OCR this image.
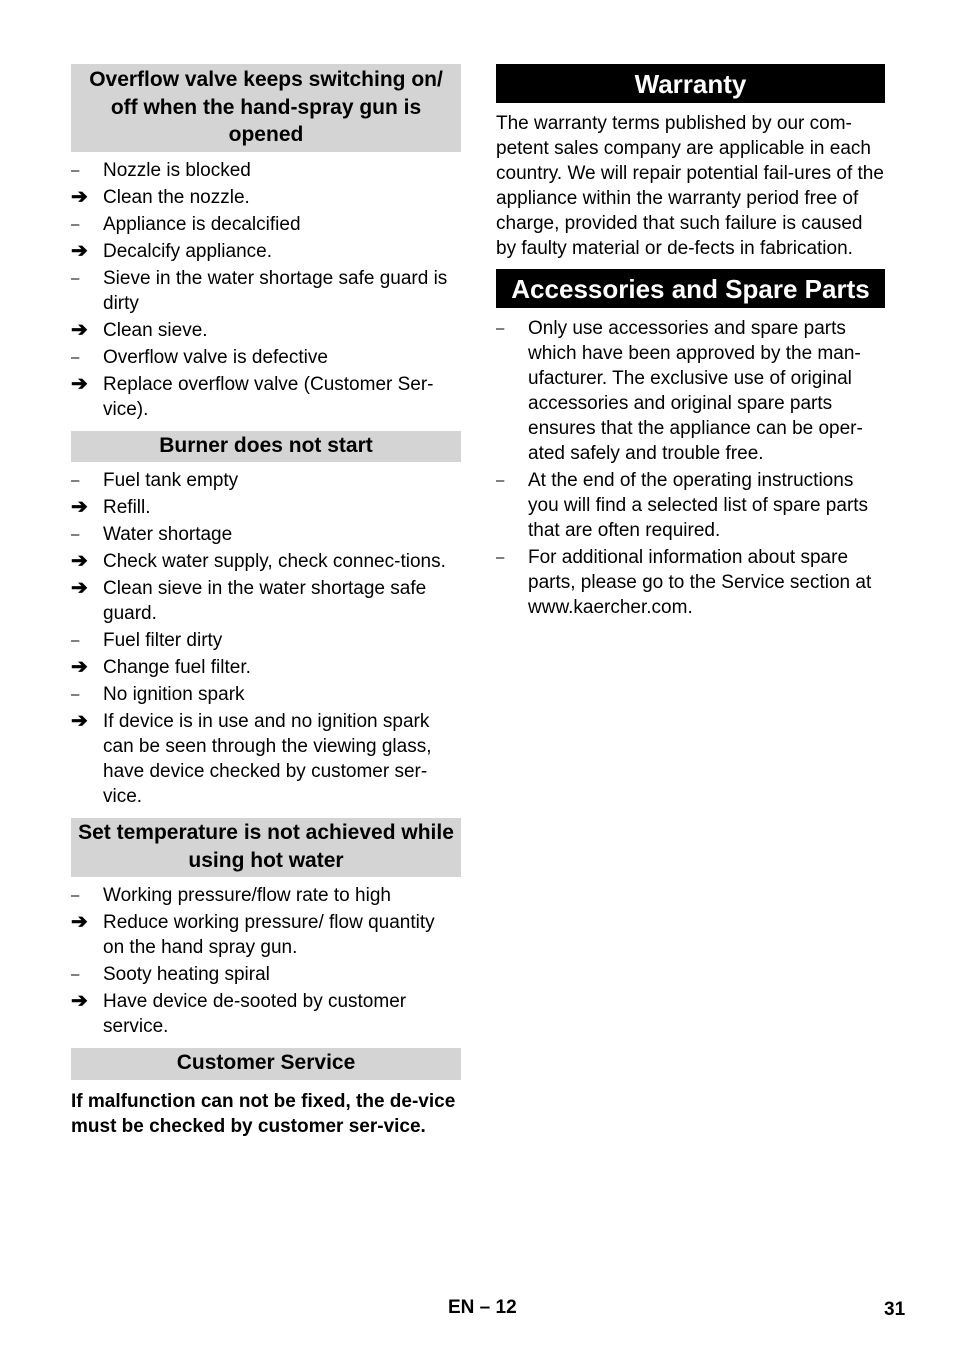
Overflow valve keeps switching on/ off when the hand-spray gun is opened
–	Nozzle is blocked
➔ Clean the nozzle.
–	Appliance is decalcified
➔ Decalcify appliance.
–	Sieve in the water shortage safe guard is dirty
➔ Clean sieve.
–	Overflow valve is defective
➔ Replace overflow valve (Customer Ser-vice).
Burner does not start
–	Fuel tank empty
➔ Refill.
–	Water shortage
➔ Check water supply, check connec-tions.
➔ Clean sieve in the water shortage safe guard.
–	Fuel filter dirty
➔ Change fuel filter.
–	No ignition spark
➔ If device is in use and no ignition spark can be seen through the viewing glass, have device checked by customer ser-vice.
Set temperature is not achieved while using hot water
–	Working pressure/flow rate to high
➔ Reduce working pressure/ flow quantity on the hand spray gun.
–	Sooty heating spiral
➔ Have device de-sooted by customer service.
Customer Service

If malfunction can not be fixed, the de-vice must be checked by customer ser-vice.

Warranty

The warranty terms published by our com-petent sales company are applicable in each country. We will repair potential fail-ures of the appliance within the warranty period free of charge, provided that such failure is caused by faulty material or de-fects in fabrication.

Accessories and Spare Parts
–	Only use accessories and spare parts which have been approved by the man-ufacturer. The exclusive use of original accessories and original spare parts ensures that the appliance can be oper-ated safely and trouble free.
–	At the end of the operating instructions you will find a selected list of spare parts that are often required.
–	For additional information about spare parts, please go to the Service section at www.kaercher.com.
EN – 12	31
